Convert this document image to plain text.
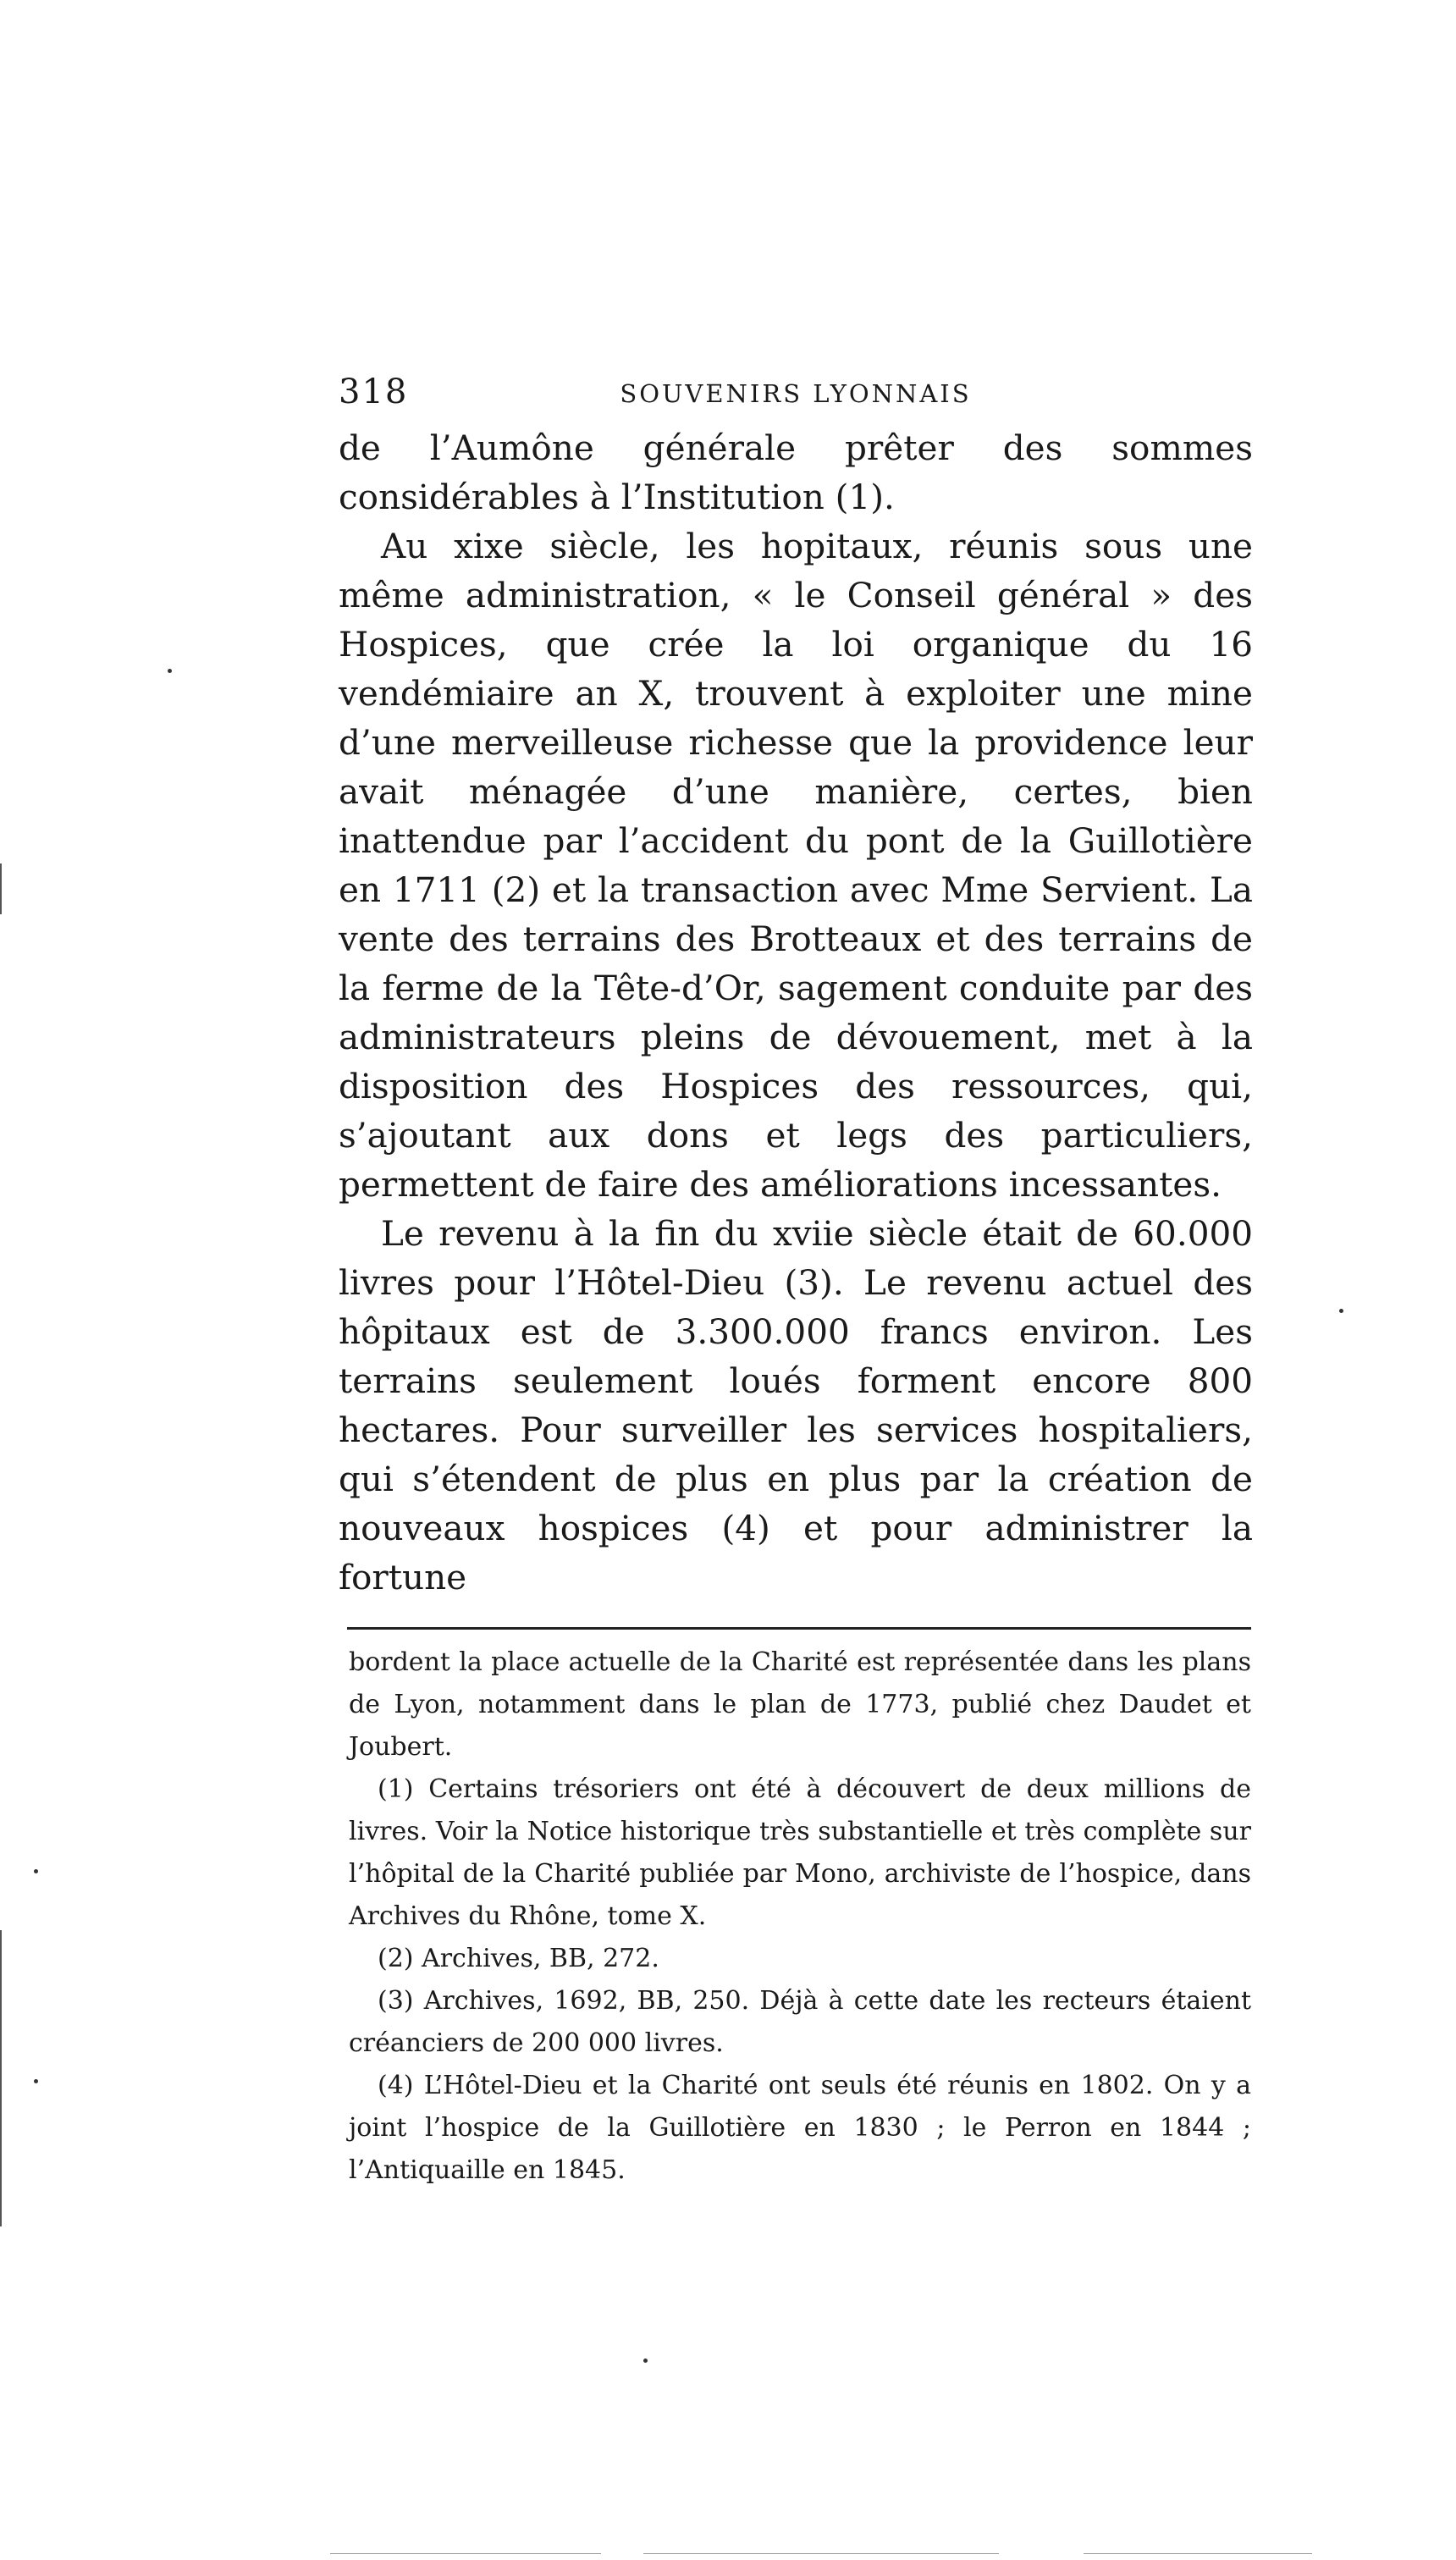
318	SOUVENIRS LYONNAIS

de l’Aumône générale prêter des sommes considérables à l’Institution (1).

Au xixe siècle, les hopitaux, réunis sous une même administration, « le Conseil général » des Hospices, que crée la loi organique du 16 vendémiaire an X, trouvent à exploiter une mine d’une merveilleuse richesse que la providence leur avait ménagée d’une manière, certes, bien inattendue par l’accident du pont de la Guillotière en 1711 (2) et la transaction avec Mme Servient. La vente des terrains des Brotteaux et des terrains de la ferme de la Tête-d’Or, sagement conduite par des administrateurs pleins de dévouement, met à la disposition des Hospices des ressources, qui, s’ajoutant aux dons et legs des particuliers, permettent de faire des améliorations incessantes.

Le revenu à la fin du xviie siècle était de 60.000 livres pour l’Hôtel-Dieu (3). Le revenu actuel des hôpitaux est de 3.300.000 francs environ. Les terrains seulement loués forment encore 800 hectares. Pour surveiller les services hospitaliers, qui s’étendent de plus en plus par la création de nouveaux hospices (4) et pour administrer la fortune

bordent la place actuelle de la Charité est représentée dans les plans de Lyon, notamment dans le plan de 1773, publié chez Daudet et Joubert.

(1) Certains trésoriers ont été à découvert de deux millions de livres. Voir la Notice historique très substantielle et très complète sur l’hôpital de la Charité publiée par Mono, archiviste de l’hospice, dans Archives du Rhône, tome X.

(2) Archives, BB, 272.

(3) Archives, 1692, BB, 250. Déjà à cette date les recteurs étaient créanciers de 200 000 livres.

(4) L’Hôtel-Dieu et la Charité ont seuls été réunis en 1802. On y a joint l’hospice de la Guillotière en 1830 ; le Perron en 1844 ; l’Antiquaille en 1845.
